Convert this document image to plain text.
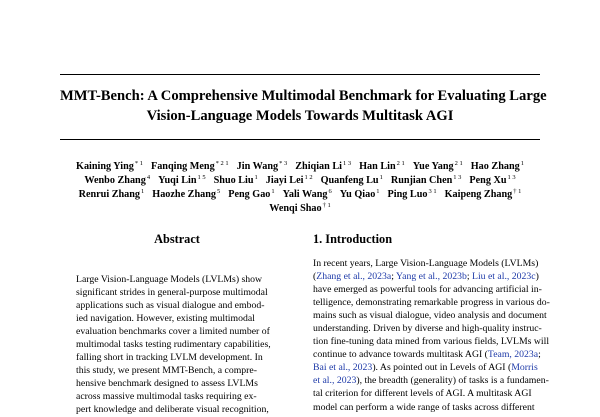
MMT-Bench: A Comprehensive Multimodal Benchmark for Evaluating Large
Vision-Language Models Towards Multitask AGI
Kaining Ying$^{* 1}$ Fanqing Meng$^{* 2 1}$ Jin Wang$^{* 3}$ Zhiqian $Li^{1 3}$ Han Lin$^{2 1}$ Yue Yang$^{2 1}$ Hao Zhang$^1$
Wenbo Zhang$^4$ Yuqi Lin$^{1 5}$ Shuo Liu$^1$ Jiayi Lei$^{1 2}$ Quanfeng Lu$^1$ Runjian Chen$^{1 3}$ Peng $Xu^{1 3}$
Renrui Zhang$^1$ Haozhe Zhang$^5$ Peng Gao$^1$ Yali Wang$^6$ Yu Qiao$^1$ Ping Luo$^{3 1}$ Kaipeng Zhang$^{\dagger 1}$
Wenqi Shao$^{\dagger 1}$
Abstract
Large Vision-Language Models (LVLMs) show
significant strides in general-purpose multimodal
applications such as visual dialogue and embod-
ied navigation. However, existing multimodal
evaluation benchmarks cover a limited number of
multimodal tasks testing rudimentary capabilities,
falling short in tracking LVLM development. In
this study, we present MMT-Bench, a compre-
hensive benchmark designed to assess LVLMs
across massive multimodal tasks requiring ex-
pert knowledge and deliberate visual recognition,
1. Introduction
In recent years, Large Vision-Language Models (LVLMs)
(Zhang et al., 2023a; Yang et al., 2023b; Liu et al., 2023c)
have emerged as powerful tools for advancing artificial in-
telligence, demonstrating remarkable progress in various do-
mains such as visual dialogue, video analysis and document
understanding. Driven by diverse and high-quality instruc-
tion fine-tuning data mined from various fields, LVLMs will
continue to advance towards multitask AGI (Team, 2023a;
Bai et al., 2023). As pointed out in Levels of AGI (Morris
et al., 2023), the breadth (generality) of tasks is a fundamen-
tal criterion for different levels of AGI. A multitask AGI
model can perform a wide range of tasks across different
